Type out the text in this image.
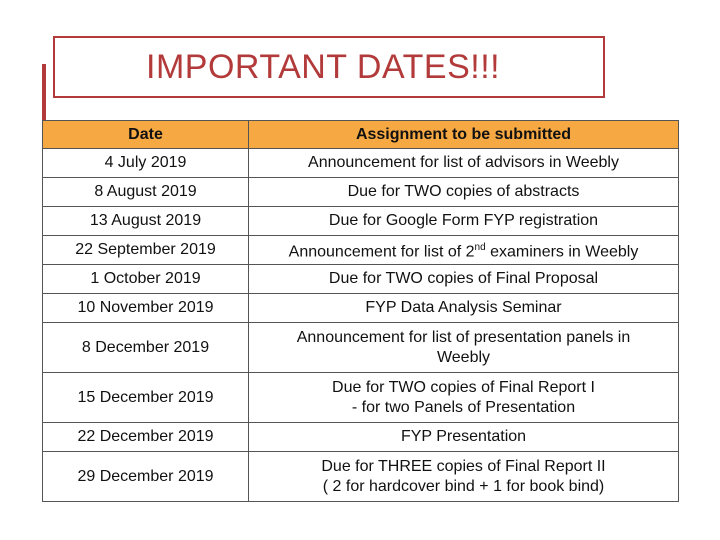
IMPORTANT DATES!!!
Date	Assignment to be submitted
4 July 2019	Announcement for list of advisors in Weebly
8 August 2019	Due for TWO copies of abstracts
13 August 2019	Due for Google Form FYP registration
22 September 2019	Announcement for list of 2nd examiners in Weebly
1 October 2019	Due for TWO copies of Final Proposal
10 November 2019	FYP Data Analysis Seminar
8 December 2019	Announcement for list of presentation panels in
Weebly

15 December 2019	Due for TWO copies of Final Report I
- for two Panels of Presentation

22 December 2019	FYP Presentation
29 December 2019	Due for THREE copies of Final Report II
( 2 for hardcover bind + 1 for book bind)
